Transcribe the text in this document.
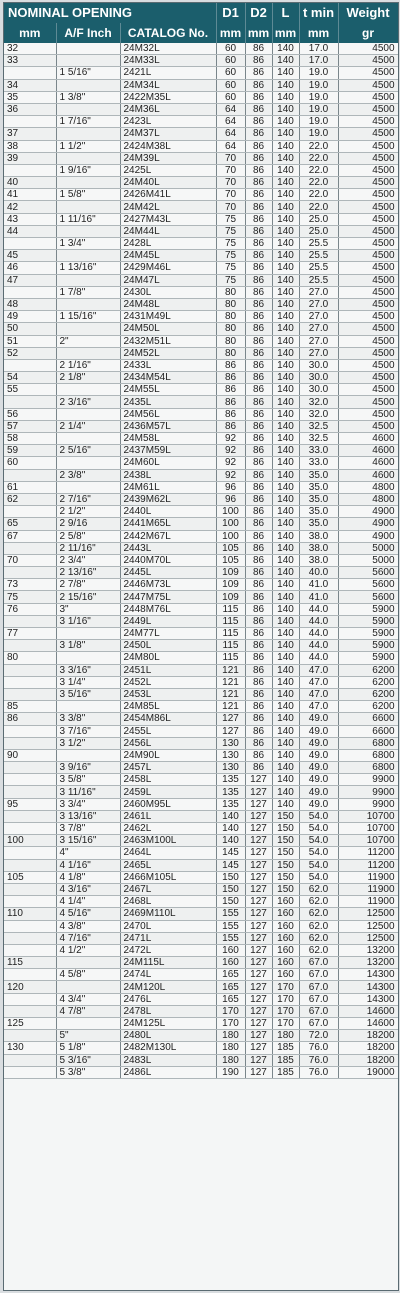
NOMINAL OPENING			D1	D2	L	t min	Weight
mm	A/F Inch	CATALOG No.	mm	mm	mm	mm	gr
32		24M32L	60	86	140	17.0	4500
33		24M33L	60	86	140	17.0	4500
	1 5/16"	2421L	60	86	140	19.0	4500
34		24M34L	60	86	140	19.0	4500
35	1 3/8"	2422M35L	60	86	140	19.0	4500
36		24M36L	64	86	140	19.0	4500
	1 7/16"	2423L	64	86	140	19.0	4500
37		24M37L	64	86	140	19.0	4500
38	1 1/2"	2424M38L	64	86	140	22.0	4500
39		24M39L	70	86	140	22.0	4500
	1 9/16"	2425L	70	86	140	22.0	4500
40		24M40L	70	86	140	22.0	4500
41	1 5/8"	2426M41L	70	86	140	22.0	4500
42		24M42L	70	86	140	22.0	4500
43	1 11/16"	2427M43L	75	86	140	25.0	4500
44		24M44L	75	86	140	25.0	4500
	1 3/4"	2428L	75	86	140	25.5	4500
45		24M45L	75	86	140	25.5	4500
46	1 13/16"	2429M46L	75	86	140	25.5	4500
47		24M47L	75	86	140	25.5	4500
	1 7/8"	2430L	80	86	140	27.0	4500
48		24M48L	80	86	140	27.0	4500
49	1 15/16"	2431M49L	80	86	140	27.0	4500
50		24M50L	80	86	140	27.0	4500
51	2"	2432M51L	80	86	140	27.0	4500
52		24M52L	80	86	140	27.0	4500
	2 1/16"	2433L	86	86	140	30.0	4500
54	2 1/8"	2434M54L	86	86	140	30.0	4500
55		24M55L	86	86	140	30.0	4500
	2 3/16"	2435L	86	86	140	32.0	4500
56		24M56L	86	86	140	32.0	4500
57	2 1/4"	2436M57L	86	86	140	32.5	4500
58		24M58L	92	86	140	32.5	4600
59	2 5/16"	2437M59L	92	86	140	33.0	4600
60		24M60L	92	86	140	33.0	4600
	2 3/8"	2438L	92	86	140	35.0	4600
61		24M61L	96	86	140	35.0	4800
62	2 7/16"	2439M62L	96	86	140	35.0	4800
	2 1/2"	2440L	100	86	140	35.0	4900
65	2 9/16	2441M65L	100	86	140	35.0	4900
67	2 5/8"	2442M67L	100	86	140	38.0	4900
	2 11/16"	2443L	105	86	140	38.0	5000
70	2 3/4"	2440M70L	105	86	140	38.0	5000
	2 13/16"	2445L	109	86	140	40.0	5600
73	2 7/8"	2446M73L	109	86	140	41.0	5600
75	2 15/16"	2447M75L	109	86	140	41.0	5600
76	3"	2448M76L	115	86	140	44.0	5900
	3 1/16"	2449L	115	86	140	44.0	5900
77		24M77L	115	86	140	44.0	5900
	3 1/8"	2450L	115	86	140	44.0	5900
80		24M80L	115	86	140	44.0	5900
	3 3/16"	2451L	121	86	140	47.0	6200
	3 1/4"	2452L	121	86	140	47.0	6200
	3 5/16"	2453L	121	86	140	47.0	6200
85		24M85L	121	86	140	47.0	6200
86	3 3/8"	2454M86L	127	86	140	49.0	6600
	3 7/16"	2455L	127	86	140	49.0	6600
	3 1/2"	2456L	130	86	140	49.0	6800
90		24M90L	130	86	140	49.0	6800
	3 9/16"	2457L	130	86	140	49.0	6800
	3 5/8"	2458L	135	127	140	49.0	9900
	3 11/16"	2459L	135	127	140	49.0	9900
95	3 3/4"	2460M95L	135	127	140	49.0	9900
	3 13/16"	2461L	140	127	150	54.0	10700
	3 7/8"	2462L	140	127	150	54.0	10700
100	3 15/16"	2463M100L	140	127	150	54.0	10700
	4"	2464L	145	127	150	54.0	11200
	4 1/16"	2465L	145	127	150	54.0	11200
105	4 1/8"	2466M105L	150	127	150	54.0	11900
	4 3/16"	2467L	150	127	150	62.0	11900
	4 1/4"	2468L	150	127	160	62.0	11900
110	4 5/16"	2469M110L	155	127	160	62.0	12500
	4 3/8"	2470L	155	127	160	62.0	12500
	4 7/16"	2471L	155	127	160	62.0	12500
	4 1/2"	2472L	160	127	160	62.0	13200
115		24M115L	160	127	160	67.0	13200
	4 5/8"	2474L	165	127	160	67.0	14300
120		24M120L	165	127	170	67.0	14300
	4 3/4"	2476L	165	127	170	67.0	14300
	4 7/8"	2478L	170	127	170	67.0	14600
125		24M125L	170	127	170	67.0	14600
	5"	2480L	180	127	180	72.0	18200
130	5 1/8"	2482M130L	180	127	185	76.0	18200
	5 3/16"	2483L	180	127	185	76.0	18200
	5 3/8"	2486L	190	127	185	76.0	19000
